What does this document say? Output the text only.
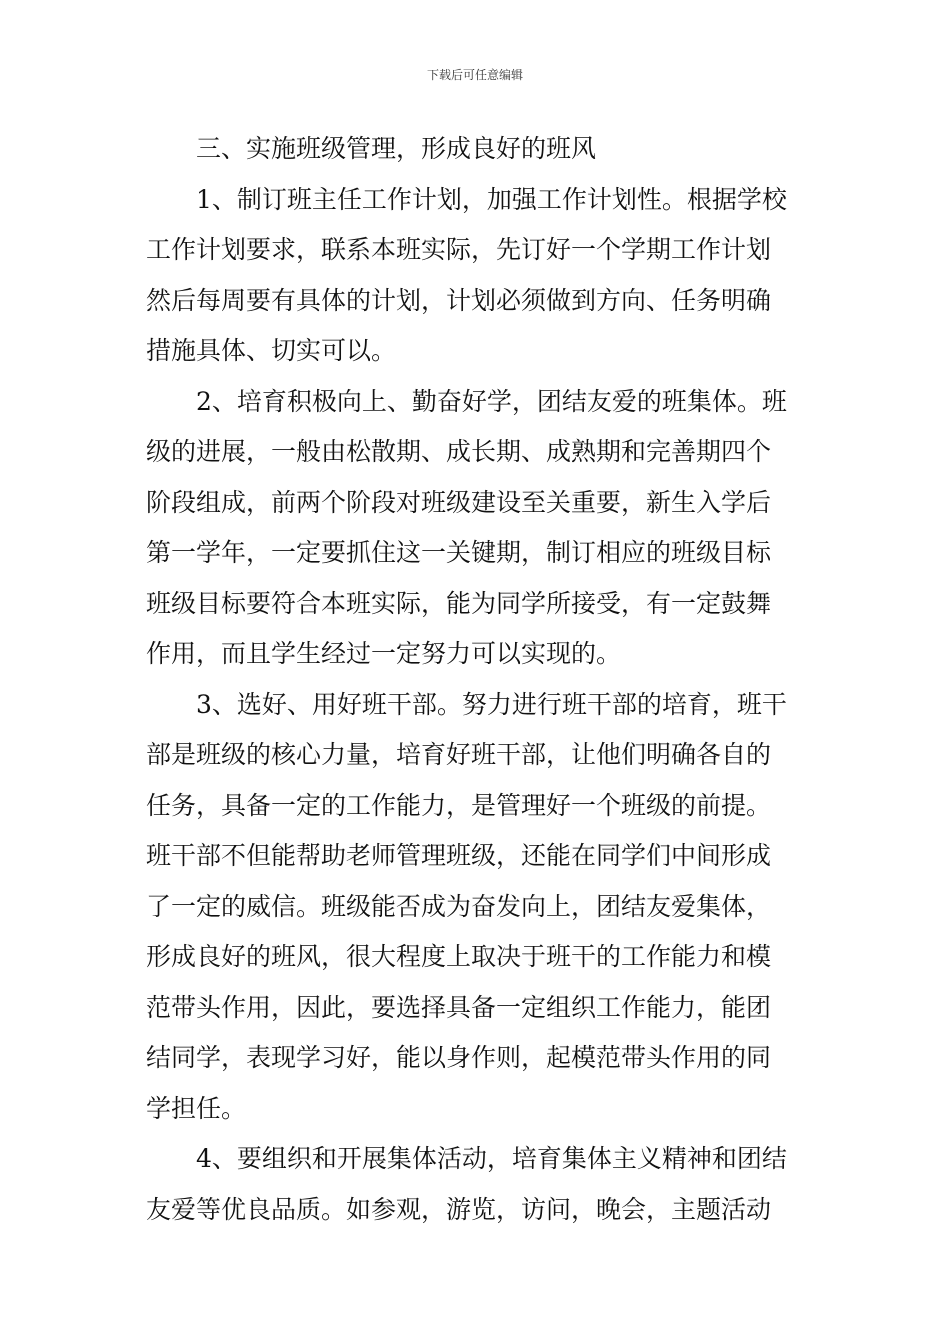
下载后可任意编辑
三、实施班级管理，形成良好的班风
1、制订班主任工作计划，加强工作计划性。根据学校
工作计划要求，联系本班实际，先订好一个学期工作计划
然后每周要有具体的计划，计划必须做到方向、任务明确
措施具体、切实可以。
2、培育积极向上、勤奋好学，团结友爱的班集体。班
级的进展，一般由松散期、成长期、成熟期和完善期四个
阶段组成，前两个阶段对班级建设至关重要，新生入学后
第一学年，一定要抓住这一关键期，制订相应的班级目标
班级目标要符合本班实际，能为同学所接受，有一定鼓舞
作用，而且学生经过一定努力可以实现的。
3、选好、用好班干部。努力进行班干部的培育，班干
部是班级的核心力量，培育好班干部，让他们明确各自的
任务，具备一定的工作能力，是管理好一个班级的前提。
班干部不但能帮助老师管理班级，还能在同学们中间形成
了一定的威信。班级能否成为奋发向上，团结友爱集体，
形成良好的班风，很大程度上取决于班干的工作能力和模
范带头作用，因此，要选择具备一定组织工作能力，能团
结同学，表现学习好，能以身作则，起模范带头作用的同
学担任。
4、要组织和开展集体活动，培育集体主义精神和团结
友爱等优良品质。如参观，游览，访问，晚会，主题活动
